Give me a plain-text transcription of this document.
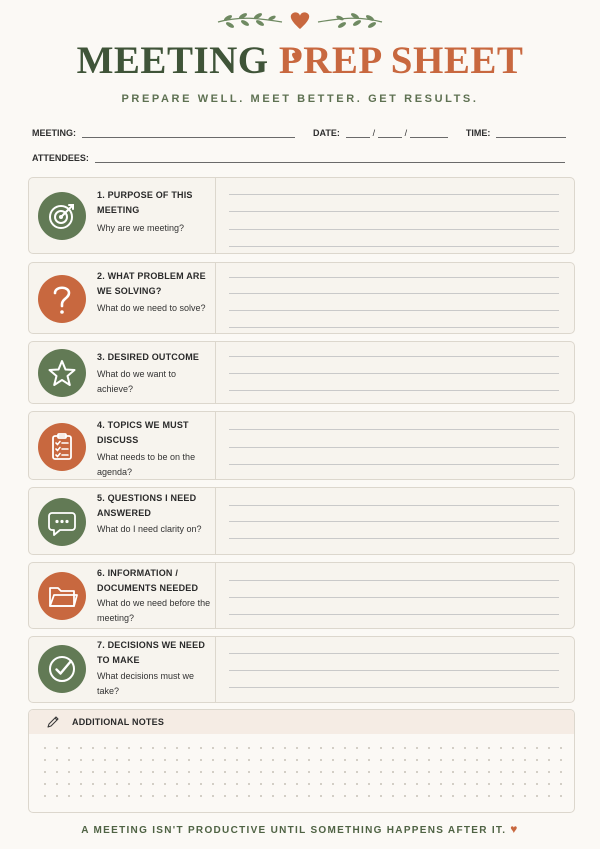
MEETING PREP SHEET
PREPARE WELL. MEET BETTER. GET RESULTS.
MEETING:	DATE:	/	/	TIME:
ATTENDEES:
1. PURPOSE OF THIS MEETING
Why are we meeting?
2. WHAT PROBLEM ARE WE SOLVING?
What do we need to solve?
3. DESIRED OUTCOME
What do we want to achieve?
4. TOPICS WE MUST DISCUSS
What needs to be on the agenda?
5. QUESTIONS I NEED ANSWERED
What do I need clarity on?
6. INFORMATION / DOCUMENTS NEEDED
What do we need before the meeting?
7. DECISIONS WE NEED TO MAKE
What decisions must we take?
ADDITIONAL NOTES
A MEETING ISN'T PRODUCTIVE UNTIL SOMETHING HAPPENS AFTER IT. ♥
